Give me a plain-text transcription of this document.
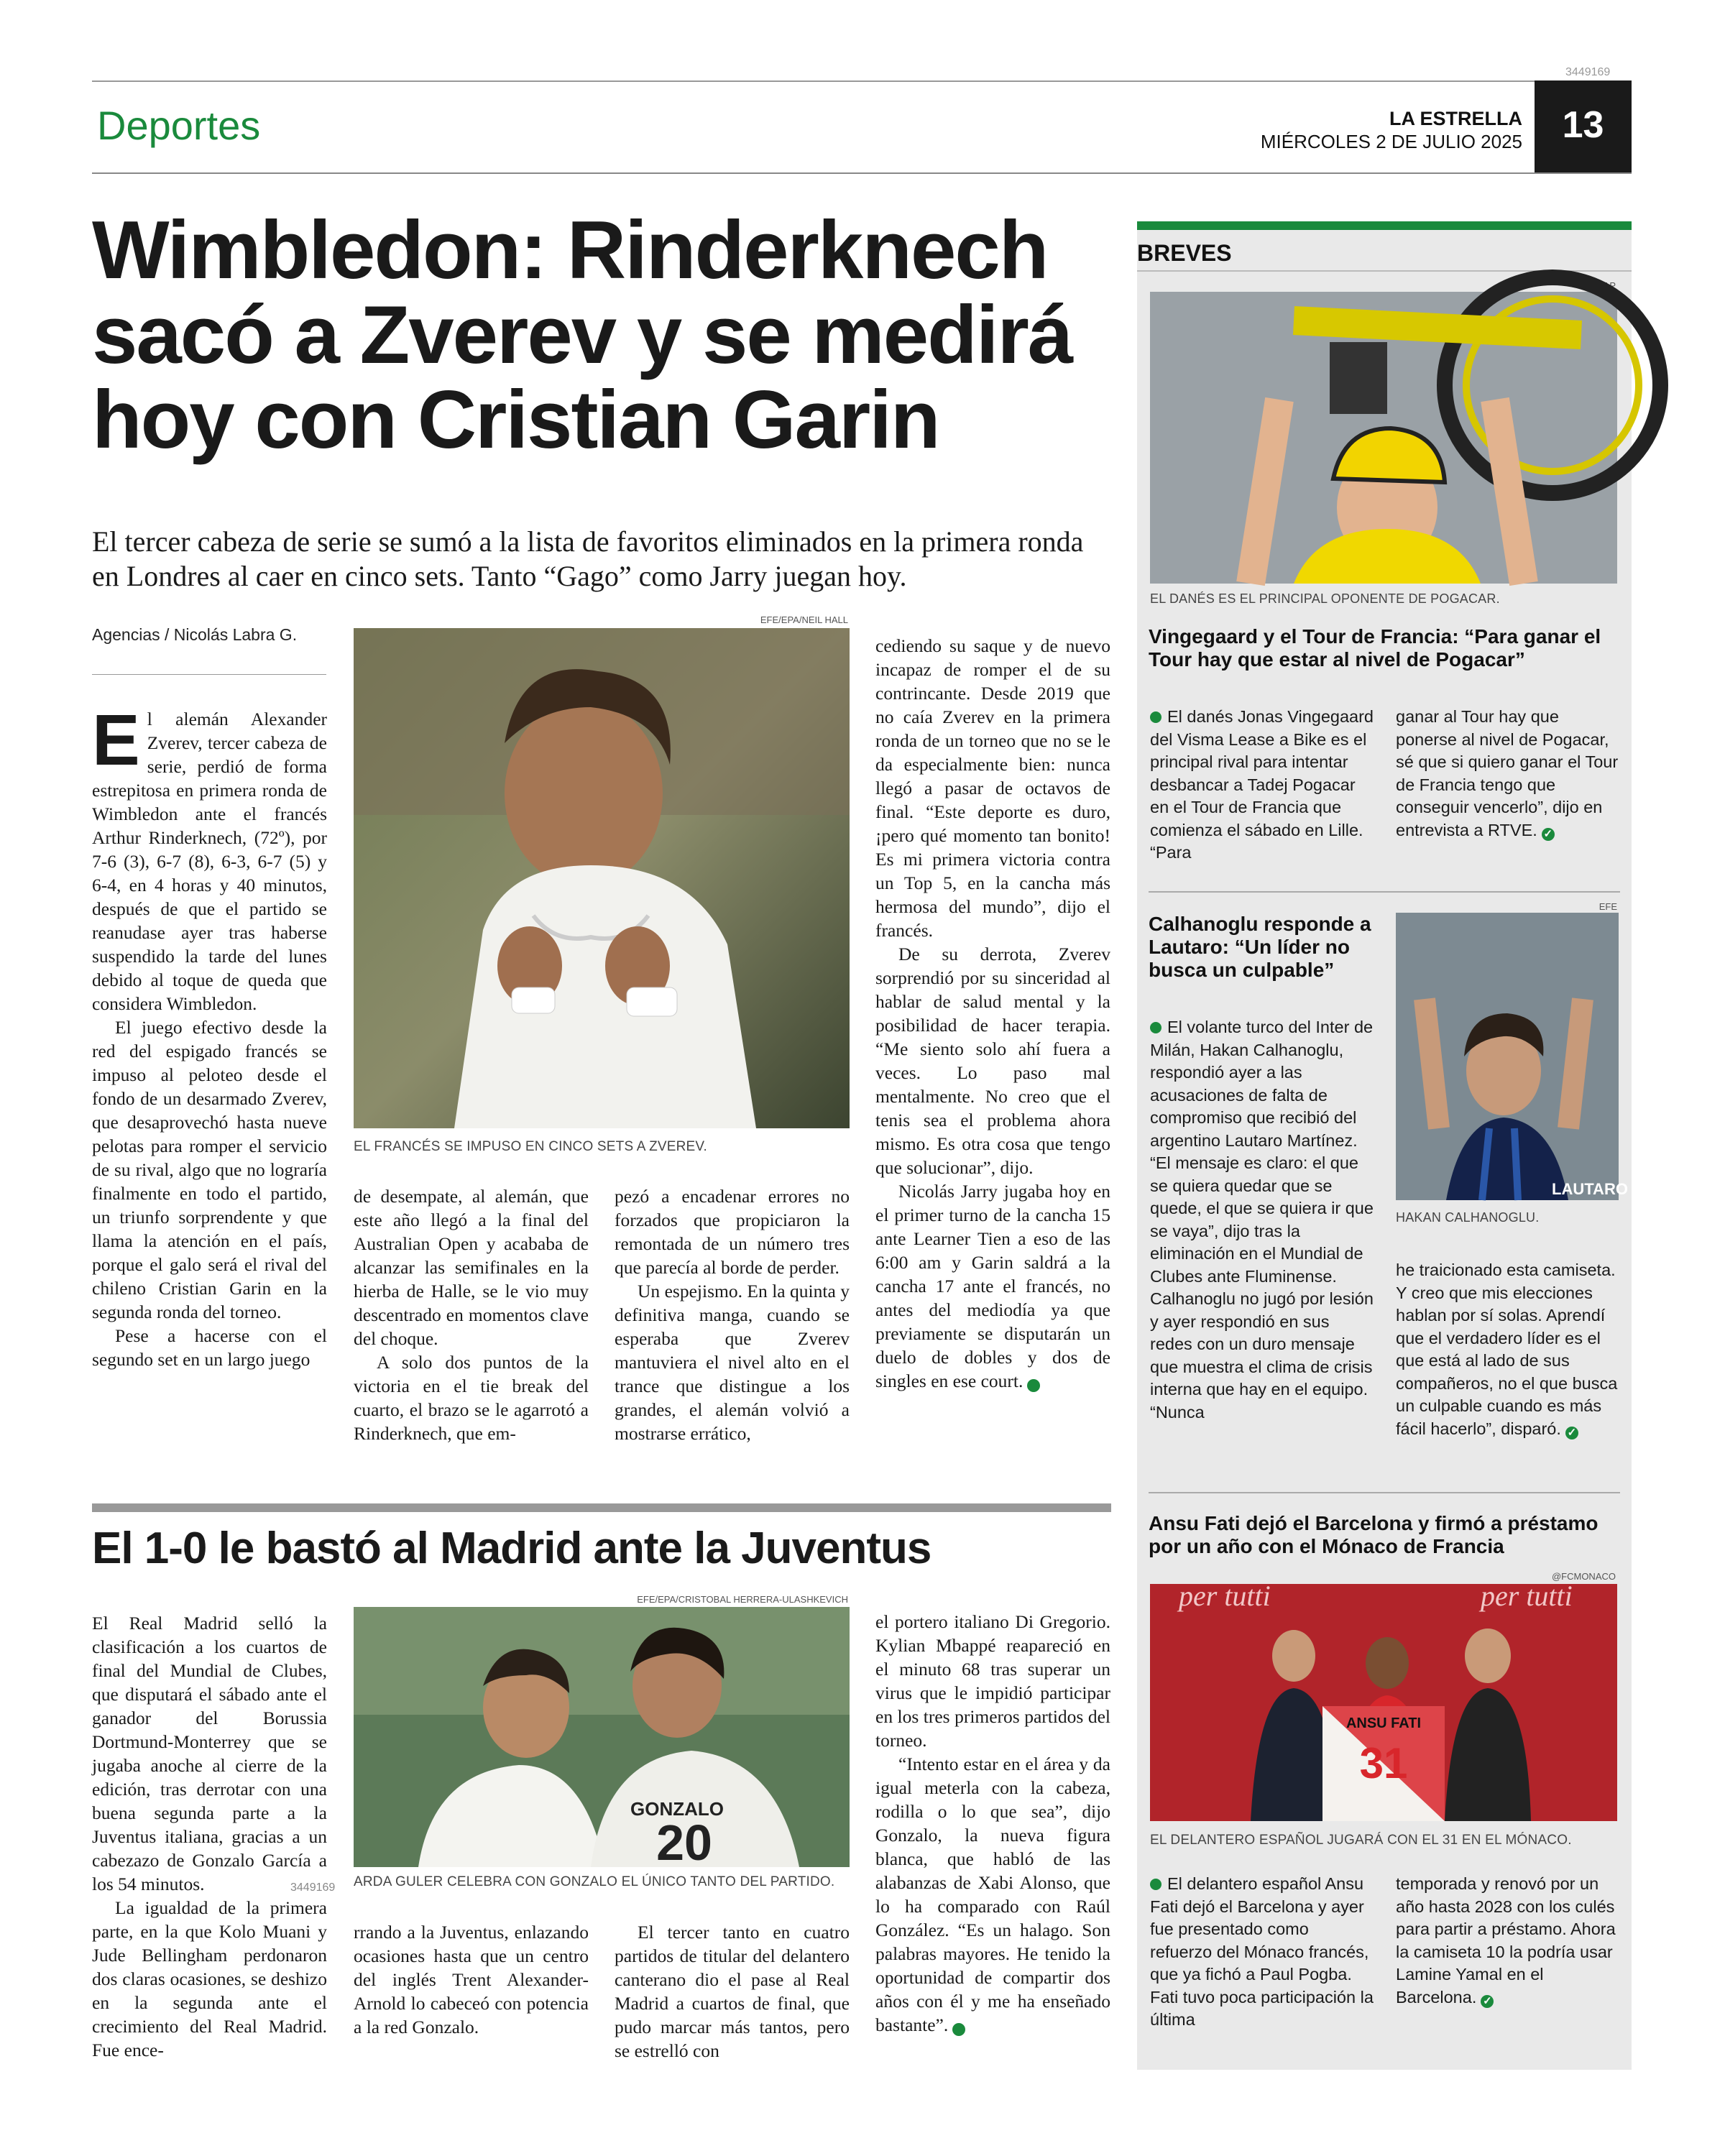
3449169
Deportes	LA ESTRELLA
MIÉRCOLES 2 DE JULIO 2025	13
Wimbledon: Rinderknech sacó a Zverev y se medirá hoy con Cristian Garin
El tercer cabeza de serie se sumó a la lista de favoritos eliminados en la primera ronda en Londres al caer en cinco sets. Tanto “Gago” como Jarry juegan hoy.
Agencias / Nicolás Labra G.
EFE/EPA/NEIL HALL
EL FRANCÉS SE IMPUSO EN CINCO SETS A ZVEREV.
E l alemán Alexander Zverev, tercer cabeza de serie, perdió de forma estrepitosa en primera ronda de Wimbledon ante el francés Arthur Rinderknech, (72º), por 7-6 (3), 6-7 (8), 6-3, 6-7 (5) y 6-4, en 4 horas y 40 minutos, después de que el partido se reanudase ayer tras haberse suspendido la tarde del lunes debido al toque de queda que considera Wimbledon.

El juego efectivo desde la red del espigado francés se impuso al peloteo desde el fondo de un desarmado Zverev, que desaprovechó hasta nueve pelotas para romper el servicio de su rival, algo que no lograría finalmente en todo el partido, un triunfo sorprendente y que llama la atención en el país, porque el galo será el rival del chileno Cristian Garin en la segunda ronda del torneo.

Pese a hacerse con el segundo set en un largo juego

de desempate, al alemán, que este año llegó a la final del Australian Open y acababa de alcanzar las semifinales en la hierba de Halle, se le vio muy descentrado en momentos clave del choque.

A solo dos puntos de la victoria en el tie break del cuarto, el brazo se le agarrotó a Rinderknech, que em-

pezó a encadenar errores no forzados que propiciaron la remontada de un número tres que parecía al borde de perder.

Un espejismo. En la quinta y definitiva manga, cuando se esperaba que Zverev mantuviera el nivel alto en el trance que distingue a los grandes, el alemán volvió a mostrarse errático,

cediendo su saque y de nuevo incapaz de romper el de su contrincante. Desde 2019 que no caía Zverev en la primera ronda de un torneo que no se le da especialmente bien: nunca llegó a pasar de octavos de final. “Este deporte es duro, ¡pero qué momento tan bonito! Es mi primera victoria contra un Top 5, en la cancha más hermosa del mundo”, dijo el francés.

De su derrota, Zverev sorprendió por su sinceridad al hablar de salud mental y la posibilidad de hacer terapia. “Me siento solo ahí fuera a veces. Lo paso mal mentalmente. No creo que el tenis sea el problema ahora mismo. Es otra cosa que tengo que solucionar”, dijo.

Nicolás Jarry jugaba hoy en el primer turno de la cancha 15 ante Learner Tien a eso de las 6:00 am y Garin saldrá a la cancha 17 ante el francés, no antes del mediodía ya que previamente se disputarán un duelo de dobles y dos de singles en ese court.	✓

El 1-0 le bastó al Madrid ante la Juventus

El Real Madrid selló la clasificación a los cuartos de final del Mundial de Clubes, que disputará el sábado ante el ganador del Borussia Dortmund-Monterrey que se jugaba anoche al cierre de la edición, tras derrotar con una buena segunda parte a la Juventus italiana, gracias a un cabezazo de Gonzalo García a los 54 minutos.

La igualdad de la primera parte, en la que Kolo Muani y Jude Bellingham perdonaron dos claras ocasiones, se deshizo en la segunda ante el crecimiento del Real Madrid. Fue ence-

EFE/EPA/CRISTOBAL HERRERA-ULASHKEVICH
GONZALO
20
ARDA GULER CELEBRA CON GONZALO EL ÚNICO TANTO DEL PARTIDO.
3449169

rrando a la Juventus, enlazando ocasiones hasta que un centro del inglés Trent Alexander-Arnold lo cabeceó con potencia a la red Gonzalo.

El tercer tanto en cuatro partidos de titular del delantero canterano dio el pase al Real Madrid a cuartos de final, que pudo marcar más tantos, pero se estrelló con

el portero italiano Di Gregorio. Kylian Mbappé reapareció en el minuto 68 tras superar un virus que le impidió participar en los tres primeros partidos del torneo.

“Intento estar en el área y da igual meterla con la cabeza, rodilla o lo que sea”, dijo Gonzalo, la nueva figura blanca, que habló de las alabanzas de Xabi Alonso, que lo ha comparado con Raúl González. “Es un halago. Son palabras mayores. He tenido la oportunidad de compartir dos años con él y me ha enseñado bastante”.	✓

BREVES
AP
EL DANÉS ES EL PRINCIPAL OPONENTE DE POGACAR.
Vingegaard y el Tour de Francia: “Para ganar el Tour hay que estar al nivel de Pogacar”

El danés Jonas Vingegaard del Visma Lease a Bike es el principal rival para intentar desbancar a Tadej Pogacar en el Tour de Francia que comienza el sábado en Lille. “Para

ganar al Tour hay que ponerse al nivel de Pogacar, sé que si quiero ganar el Tour de Francia tengo que conseguir vencerlo”, dijo en entrevista a RTVE. ✓

Calhanoglu responde a Lautaro: “Un líder no busca un culpable”
EFE
LAUTARO
HAKAN CALHANOGLU.

El volante turco del Inter de Milán, Hakan Calhanoglu, respondió ayer a las acusaciones de falta de compromiso que recibió del argentino Lautaro Martínez. “El mensaje es claro: el que se quiera quedar que se quede, el que se quiera ir que se vaya”, dijo tras la eliminación en el Mundial de Clubes ante Fluminense. Calhanoglu no jugó por lesión y ayer respondió en sus redes con un duro mensaje que muestra el clima de crisis interna que hay en el equipo. “Nunca

he traicionado esta camiseta. Y creo que mis elecciones hablan por sí solas. Aprendí que el verdadero líder es el que está al lado de sus compañeros, no el que busca un culpable cuando es más fácil hacerlo”, disparó. ✓

Ansu Fati dejó el Barcelona y firmó a préstamo por un año con el Mónaco de Francia
@FCMONACO
per tutti	per tutti
ANSU FATI
31
EL DELANTERO ESPAÑOL JUGARÁ CON EL 31 EN EL MÓNACO.

El delantero español Ansu Fati dejó el Barcelona y ayer fue presentado como refuerzo del Mónaco francés, que ya fichó a Paul Pogba. Fati tuvo poca participación la última

temporada y renovó por un año hasta 2028 con los culés para partir a préstamo. Ahora la camiseta 10 la podría usar Lamine Yamal en el Barcelona. ✓
